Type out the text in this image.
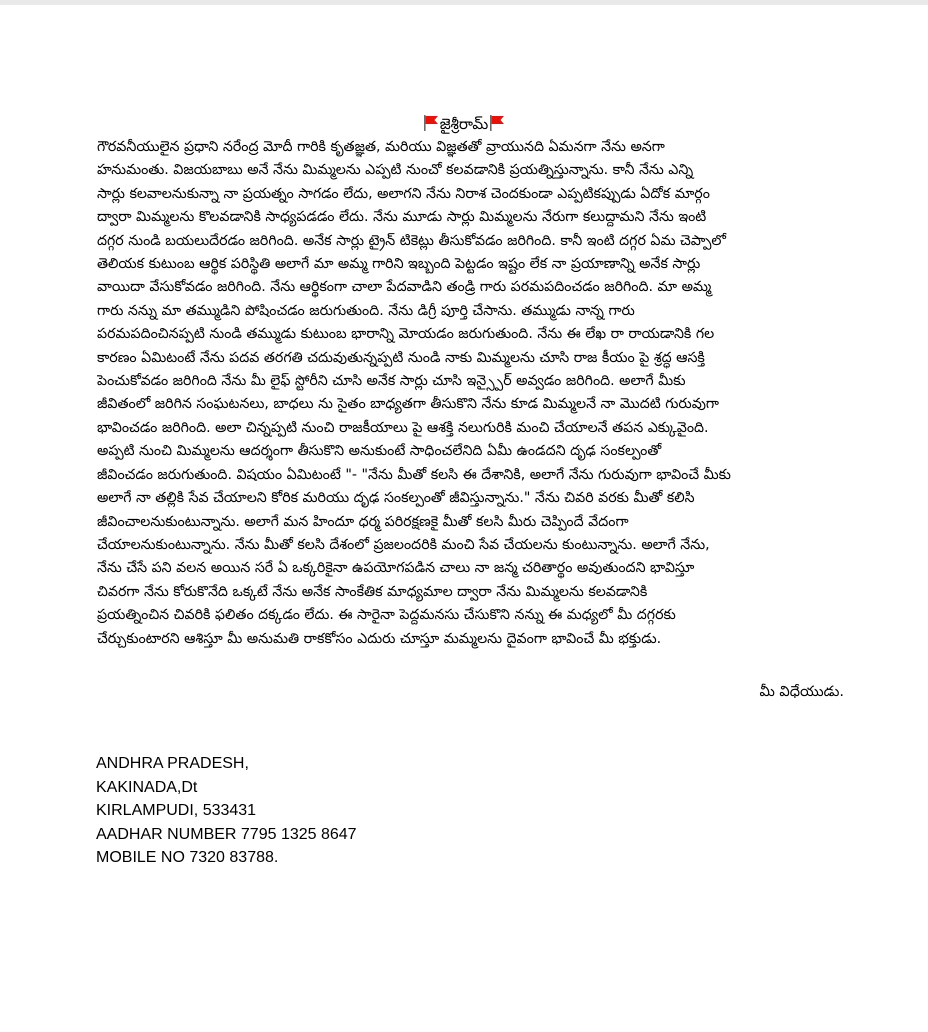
జైశ్రీరామ్
గౌరవనీయులైన ప్రధాని నరేంద్ర మోదీ గారికి కృతజ్ఞత, మరియు విజ్ఞతతో వ్రాయునది ఏమనగా నేను అనగా
హనుమంతు. విజయబాబు అనే నేను మిమ్మలను ఎప్పటి నుంచో కలవడానికి ప్రయత్నిస్తున్నాను. కానీ నేను ఎన్ని
సార్లు కలవాలనుకున్నా నా ప్రయత్నం సాగడం లేదు, అలాగని నేను నిరాశ చెందకుండా ఎప్పటికప్పుడు ఏదోక మార్గం
ద్వారా మిమ్మలను కొలవడానికి సాధ్యపడడం లేదు. నేను మూడు సార్లు మిమ్మలను నేరుగా కలుద్దామని నేను ఇంటి
దగ్గర నుండి బయలుదేరడం జరిగింది. అనేక సార్లు ట్రైన్ టికెట్లు తీసుకోవడం జరిగింది. కానీ ఇంటి దగ్గర ఏమ చెప్పాలో
తెలియక కుటుంబ ఆర్థిక పరిస్థితి అలాగే మా అమ్మ గారిని ఇబ్బంది పెట్టడం ఇష్టం లేక నా ప్రయాణాన్ని అనేక సార్లు
వాయిదా వేసుకోవడం జరిగింది. నేను ఆర్థికంగా చాలా పేదవాడిని తండ్రి గారు పరమపదించడం జరిగింది. మా అమ్మ
గారు నన్ను మా తమ్ముడిని పోషించడం జరుగుతుంది. నేను డిగ్రీ పూర్తి చేసాను. తమ్ముడు నాన్న గారు
పరమపదించినప్పటి నుండి తమ్ముడు కుటుంబ భారాన్ని మోయడం జరుగుతుంది. నేను ఈ లేఖ రా రాయడానికి గల
కారణం ఏమిటంటే నేను పదవ తరగతి చదువుతున్నప్పటి నుండి నాకు మిమ్మలను చూసి రాజ కీయం పై శ్రద్ధ ఆసక్తి
పెంచుకోవడం జరిగింది నేను మీ లైఫ్ స్టోరీని చూసి అనేక సార్లు చూసి ఇన్స్పైర్ అవ్వడం జరిగింది. అలాగే మీకు
జీవితంలో జరిగిన సంఘటనలు, బాధలు ను సైతం బాధ్యతగా తీసుకొని నేను కూడ మిమ్మలనే నా మొదటి గురువుగా
భావించడం జరిగింది. అలా చిన్నప్పటి నుంచి రాజకీయాలు పై ఆశక్తి నలుగురికి మంచి చేయాలనే తపన ఎక్కువైంది.
అప్పటి నుంచి మిమ్మలను ఆదర్శంగా తీసుకొని అనుకుంటే సాధించలేనిది ఏమీ ఉండదని దృఢ సంకల్పంతో
జీవించడం జరుగుతుంది. విషయం ఏమిటంటే "- "నేను మీతో కలసి ఈ దేశానికి, అలాగే నేను గురువుగా భావించే మీకు
అలాగే నా తల్లికి సేవ చేయాలని కోరిక మరియు దృఢ సంకల్పంతో జీవిస్తున్నాను." నేను చివరి వరకు మీతో కలిసి
జీవించాలనుకుంటున్నాను. అలాగే మన హిందూ ధర్మ పరిరక్షణకై మీతో కలసి మీరు చెప్పిందే వేదంగా
చేయాలనుకుంటున్నాను. నేను మీతో కలసి దేశంలో ప్రజలందరికి మంచి సేవ చేయలను కుంటున్నాను. అలాగే నేను,
నేను చేసే పని వలన అయిన సరే ఏ ఒక్కరికైనా ఉపయోగపడిన చాలు నా జన్మ చరితార్థం అవుతుందని భావిస్తూ
చివరగా నేను కోరుకొనేది ఒక్కటే నేను అనేక సాంకేతిక మాధ్యమాల ద్వారా నేను మిమ్మలను కలవడానికి
ప్రయత్నించిన చివరికి ఫలితం దక్కడం లేదు. ఈ సారైనా పెద్దమనసు చేసుకొని నన్ను ఈ మధ్యలో మీ దగ్గరకు
చేర్చుకుంటారని ఆశిస్తూ మీ అనుమతి రాకకోసం ఎదురు చూస్తూ మమ్మలను దైవంగా భావించే మీ భక్తుడు.
మీ విధేయుడు.
ANDHRA PRADESH,
KAKINADA,Dt
KIRLAMPUDI, 533431
AADHAR NUMBER 7795 1325 8647
MOBILE NO 7320 83788.
